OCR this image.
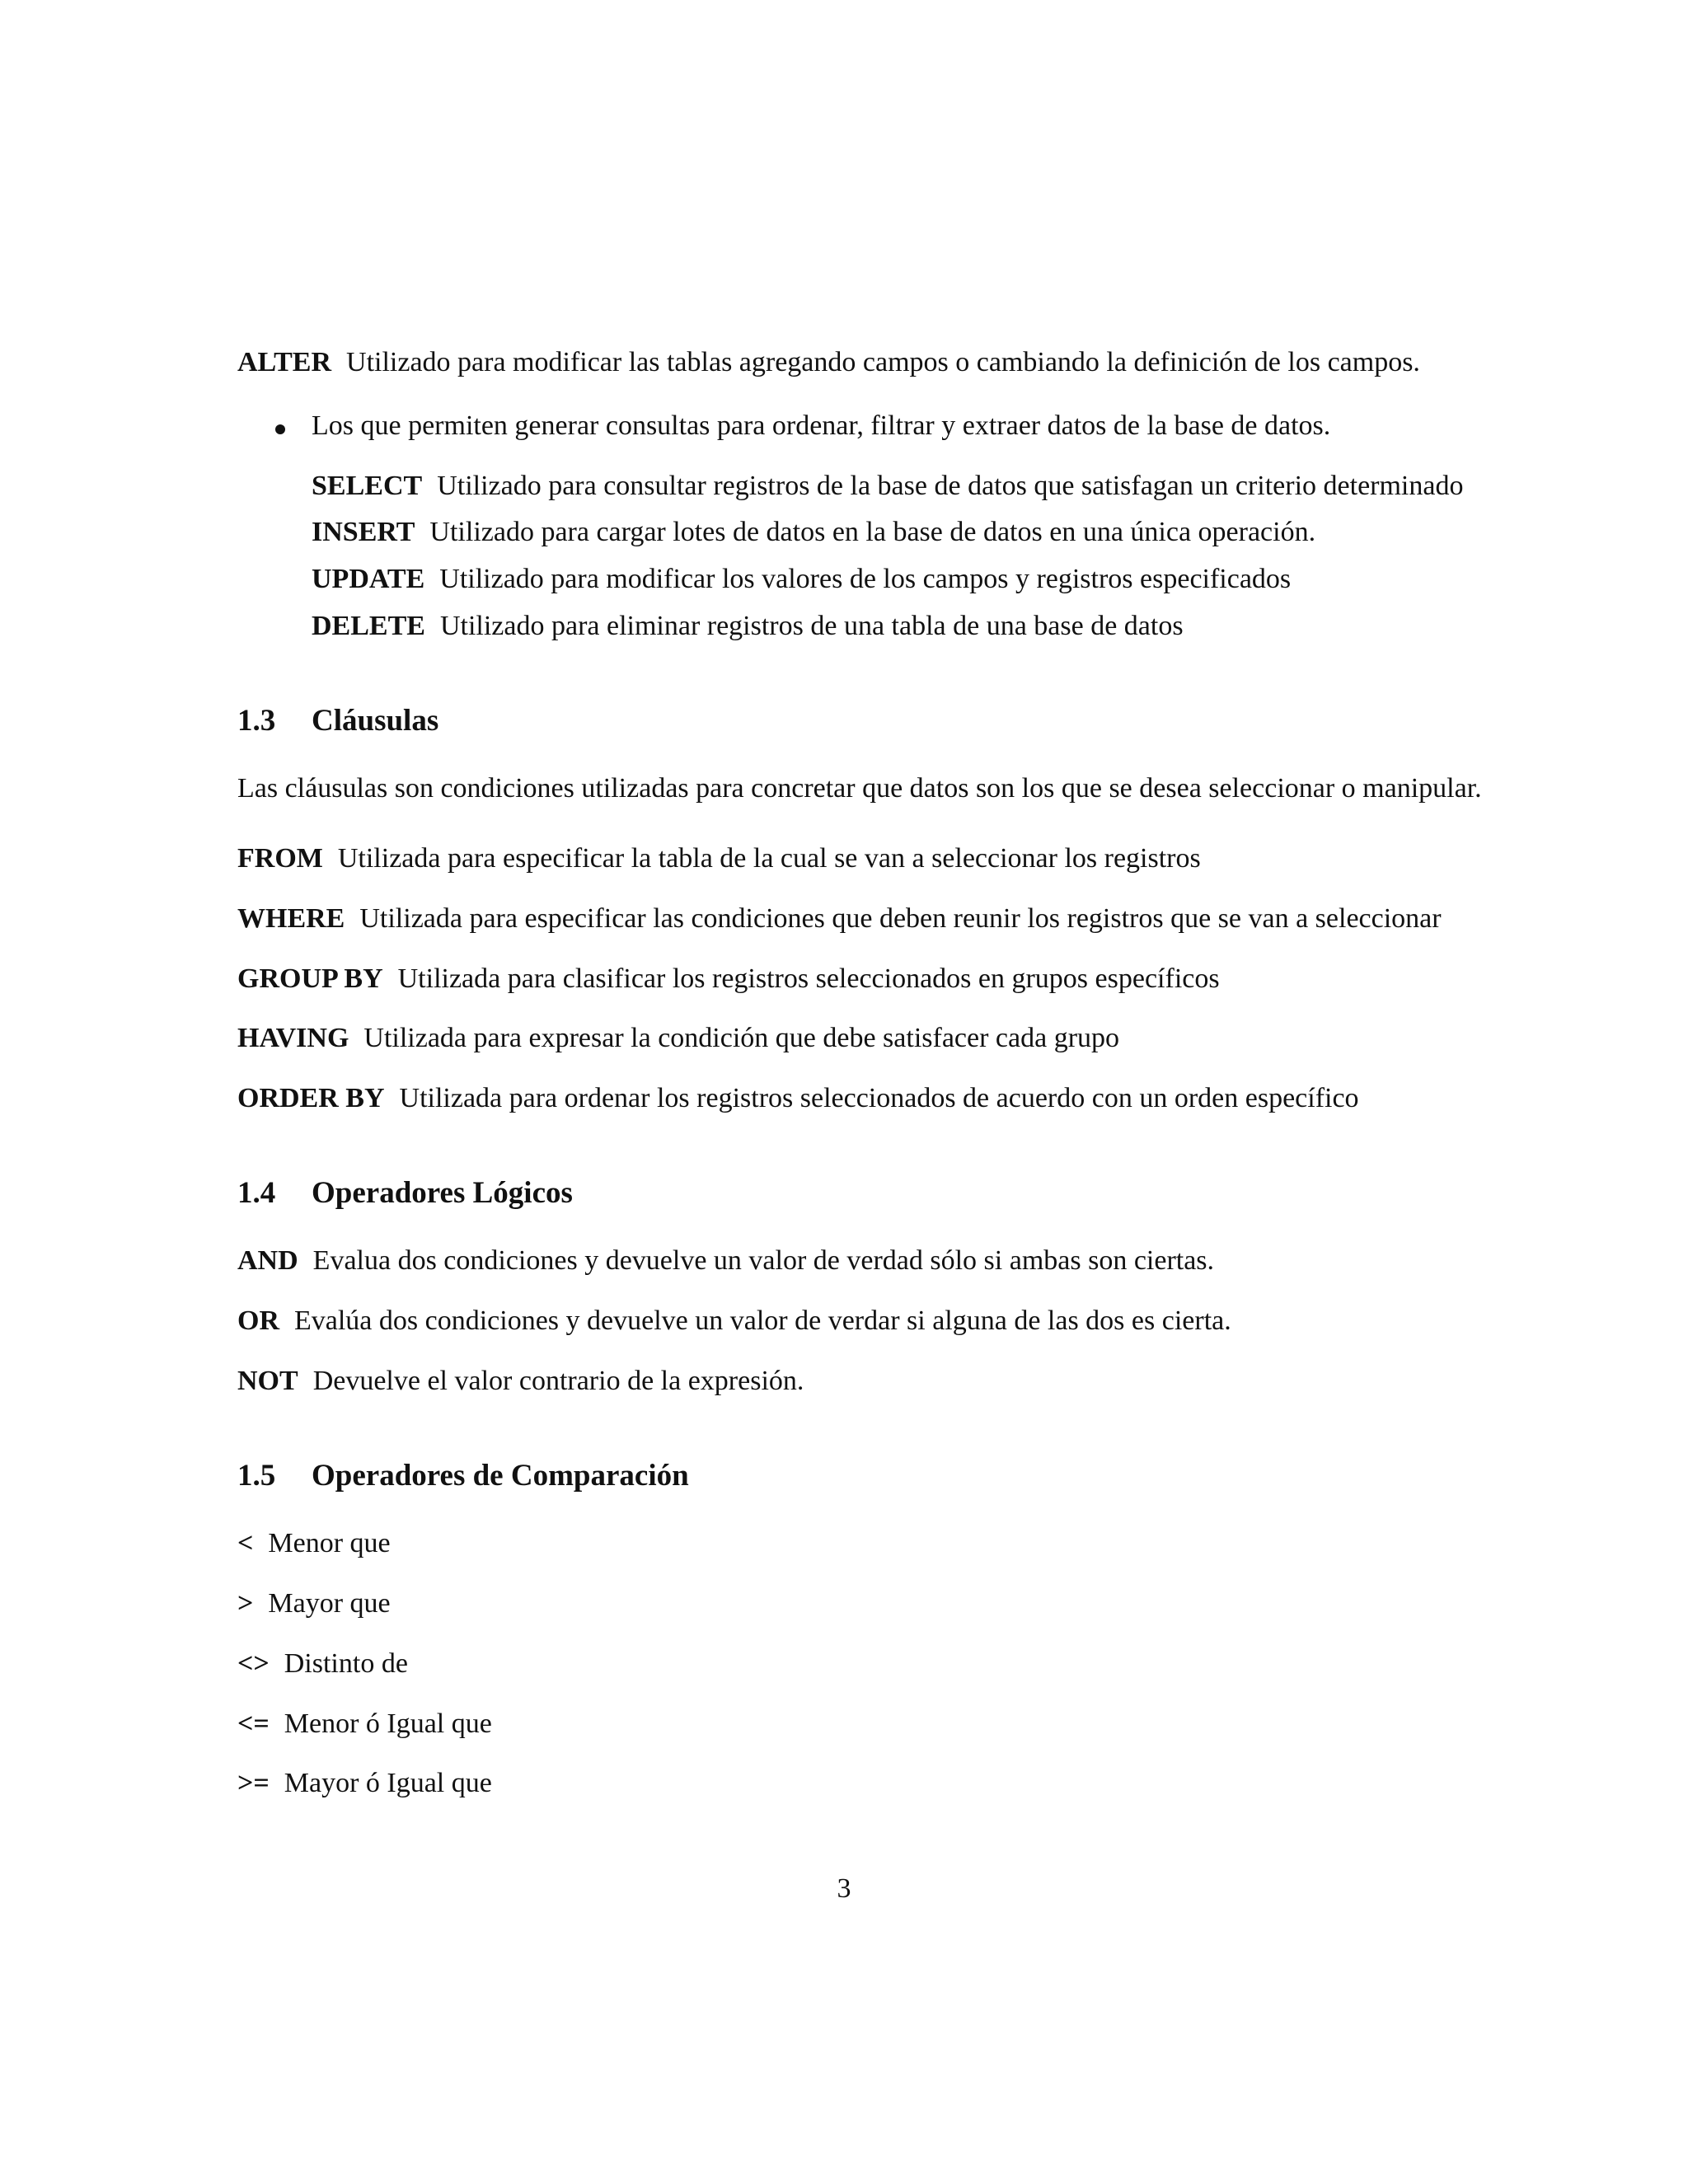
ALTER Utilizado para modificar las tablas agregando campos o cambiando la definición de los campos.
Los que permiten generar consultas para ordenar, filtrar y extraer datos de la base de datos.
SELECT Utilizado para consultar registros de la base de datos que satisfagan un criterio determinado
INSERT Utilizado para cargar lotes de datos en la base de datos en una única operación.
UPDATE Utilizado para modificar los valores de los campos y registros especificados
DELETE Utilizado para eliminar registros de una tabla de una base de datos
1.3 Cláusulas
Las cláusulas son condiciones utilizadas para concretar que datos son los que se desea seleccionar o manipular.
FROM Utilizada para especificar la tabla de la cual se van a seleccionar los registros
WHERE Utilizada para especificar las condiciones que deben reunir los registros que se van a seleccionar
GROUP BY Utilizada para clasificar los registros seleccionados en grupos específicos
HAVING Utilizada para expresar la condición que debe satisfacer cada grupo
ORDER BY Utilizada para ordenar los registros seleccionados de acuerdo con un orden específico
1.4 Operadores Lógicos
AND Evalua dos condiciones y devuelve un valor de verdad sólo si ambas son ciertas.
OR Evalúa dos condiciones y devuelve un valor de verdar si alguna de las dos es cierta.
NOT Devuelve el valor contrario de la expresión.
1.5 Operadores de Comparación
< Menor que
> Mayor que
<> Distinto de
<= Menor ó Igual que
>= Mayor ó Igual que
3
